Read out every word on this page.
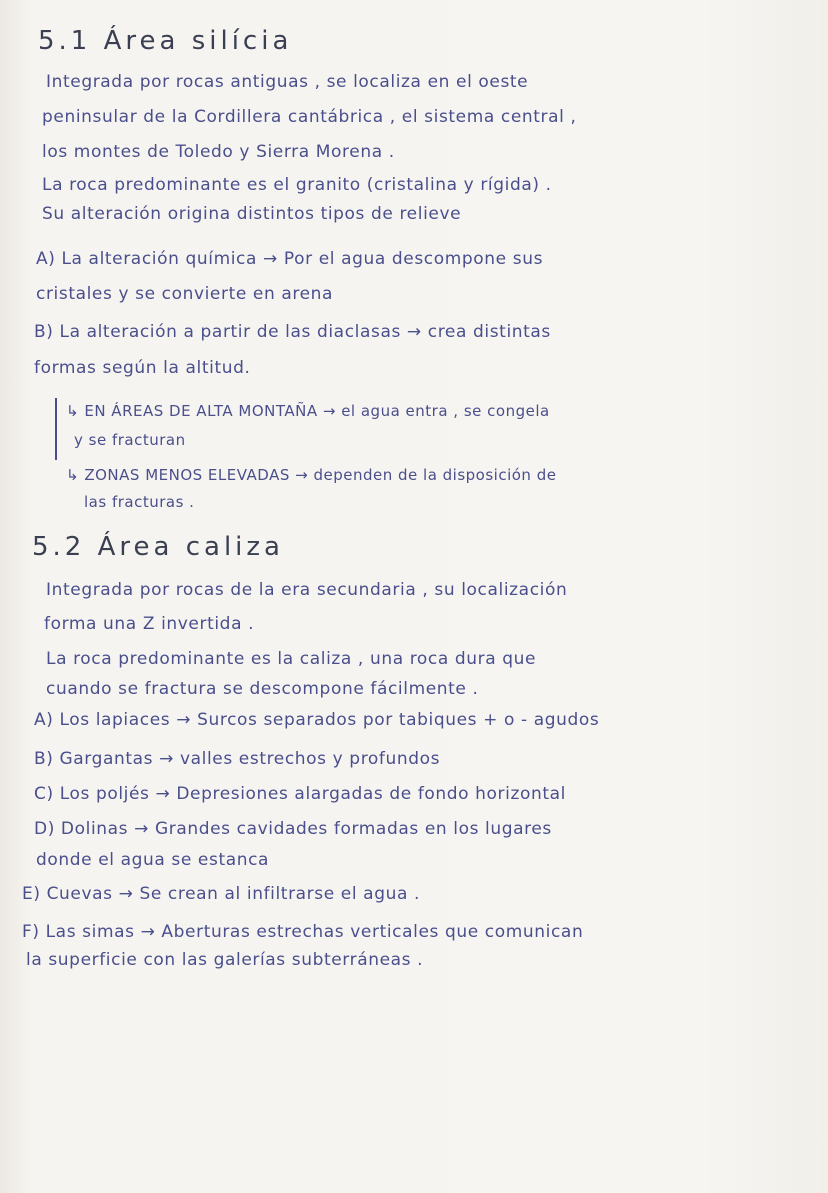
5.1 Área silícia
Integrada por rocas antiguas , se localiza en el oeste
peninsular de la Cordillera cantábrica , el sistema central ,
los montes de Toledo y Sierra Morena .
La roca predominante es el granito (cristalina y rígida) .
Su alteración origina distintos tipos de relieve
A) La alteración química → Por el agua descompone sus
cristales y se convierte en arena
B) La alteración a partir de las diaclasas → crea distintas
formas según la altitud.
↳ EN ÁREAS DE ALTA MONTAÑA → el agua entra , se congela
y se fracturan
↳ ZONAS MENOS ELEVADAS → dependen de la disposición de
las fracturas .
5.2 Área caliza
Integrada por rocas de la era secundaria , su localización
forma una Z invertida .
La roca predominante es la caliza , una roca dura que
cuando se fractura se descompone fácilmente .
A) Los lapiaces → Surcos separados por tabiques + o - agudos
B) Gargantas → valles estrechos y profundos
C) Los poljés → Depresiones alargadas de fondo horizontal
D) Dolinas → Grandes cavidades formadas en los lugares
donde el agua se estanca
E) Cuevas → Se crean al infiltrarse el agua .
F) Las simas → Aberturas estrechas verticales que comunican
la superficie con las galerías subterráneas .
